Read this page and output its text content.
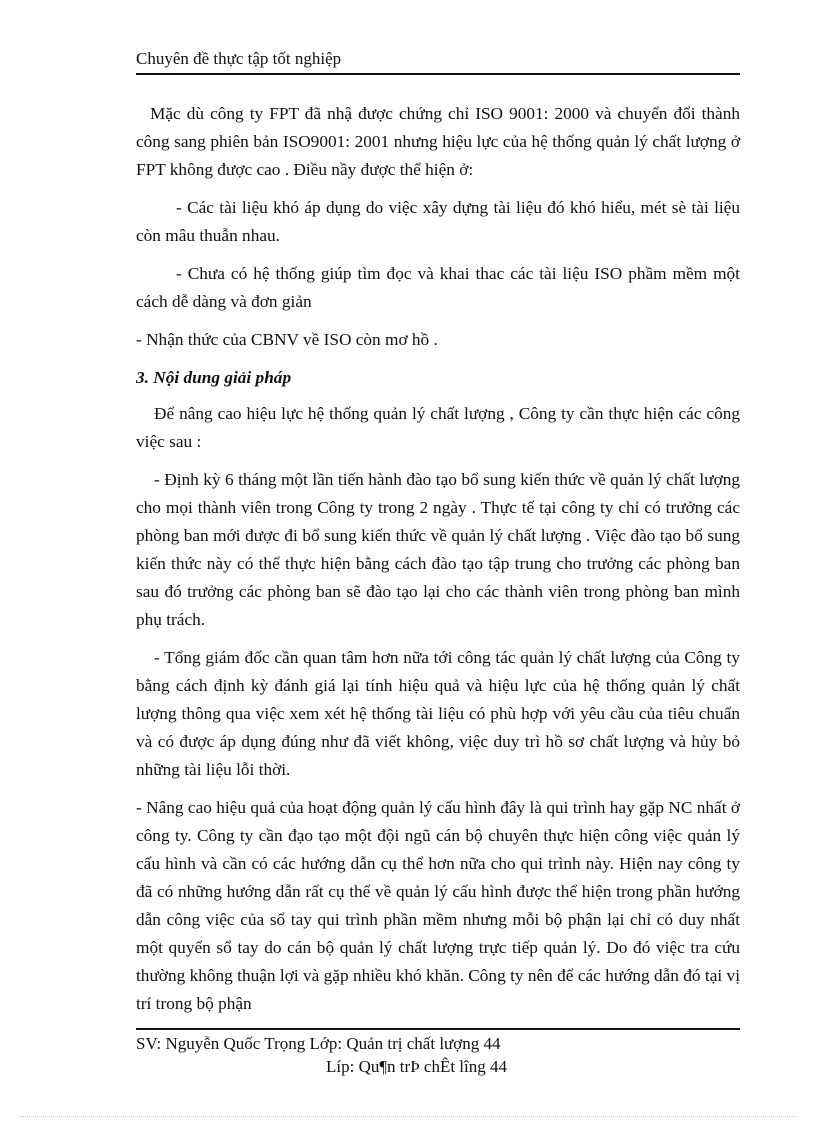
Chuyên đề thực tập tốt nghiệp

Mặc dù công ty FPT đã nhậ được chứng chỉ ISO 9001: 2000 và chuyển đổi thành công sang phiên bản ISO9001: 2001 nhưng hiệu lực của hệ thống quản lý chất lượng ở FPT không được cao . Điều nầy được thể hiện ở:

- Các tài liệu khó áp dụng do việc xây dựng tài liệu đó khó hiểu, mét sè tài liệu còn mâu thuẫn nhau.

- Chưa có hệ thống giúp tìm đọc và khai thac các tài liệu ISO phầm mềm một cách dễ dàng và đơn giản

- Nhận thức của CBNV về ISO còn mơ hồ .

3. Nội dung giải pháp

Để nâng cao hiệu lực hệ thống quản lý chất lượng , Công ty cần thực hiện các công việc sau :

- Định kỳ 6 tháng một lần tiến hành đào tạo bổ sung kiến thức về quản lý chất lượng cho mọi thành viên trong Công ty trong 2 ngày . Thực tế tại công ty chỉ có trưởng các phòng ban mới được đi bổ sung kiến thức về quản lý chất lượng . Việc đào tạo bổ sung kiến thức này có thể thực hiện bằng cách đào tạo tập trung cho trưởng các phòng ban sau đó trưởng các phòng ban sẽ đào tạo lại cho các thành viên trong phòng ban mình phụ trách.

- Tổng giám đốc cần quan tâm hơn nữa tới công tác quản lý chất lượng của Công ty bằng cách định kỳ đánh giá lại tính hiệu quả và hiệu lực của hệ thống quản lý chất lượng thông qua việc xem xét hệ thống tài liệu có phù hợp với yêu cầu của tiêu chuẩn và có được áp dụng đúng như đã viết không, việc duy trì hồ sơ chất lượng và hủy bỏ những tài liệu lỗi thời.

- Nâng cao hiệu quả của hoạt động quản lý cấu hình đây là qui trình hay gặp NC nhất ở công ty. Công ty cần đạo tạo một đội ngũ cán bộ chuyên thực hiện công việc quản lý cấu hình và cần có các hướng dẫn cụ thể hơn nữa cho qui trình này. Hiện nay công ty đã có những hướng dẫn rất cụ thể về quản lý cấu hình được thể hiện trong phần hướng dẫn công việc của sổ tay qui trình phần mềm nhưng mỗi bộ phận lại chỉ có duy nhất một quyển sổ tay do cán bộ quản lý chất lượng trực tiếp quản lý. Do đó việc tra cứu thường không thuận lợi và gặp nhiều khó khăn. Công ty nên để các hướng dẫn đó tại vị trí trong bộ phận

SV: Nguyễn Quốc Trọng Lớp: Quản trị chất lượng 44
Líp: Qu¶n trÞ chÊt lîng 44
